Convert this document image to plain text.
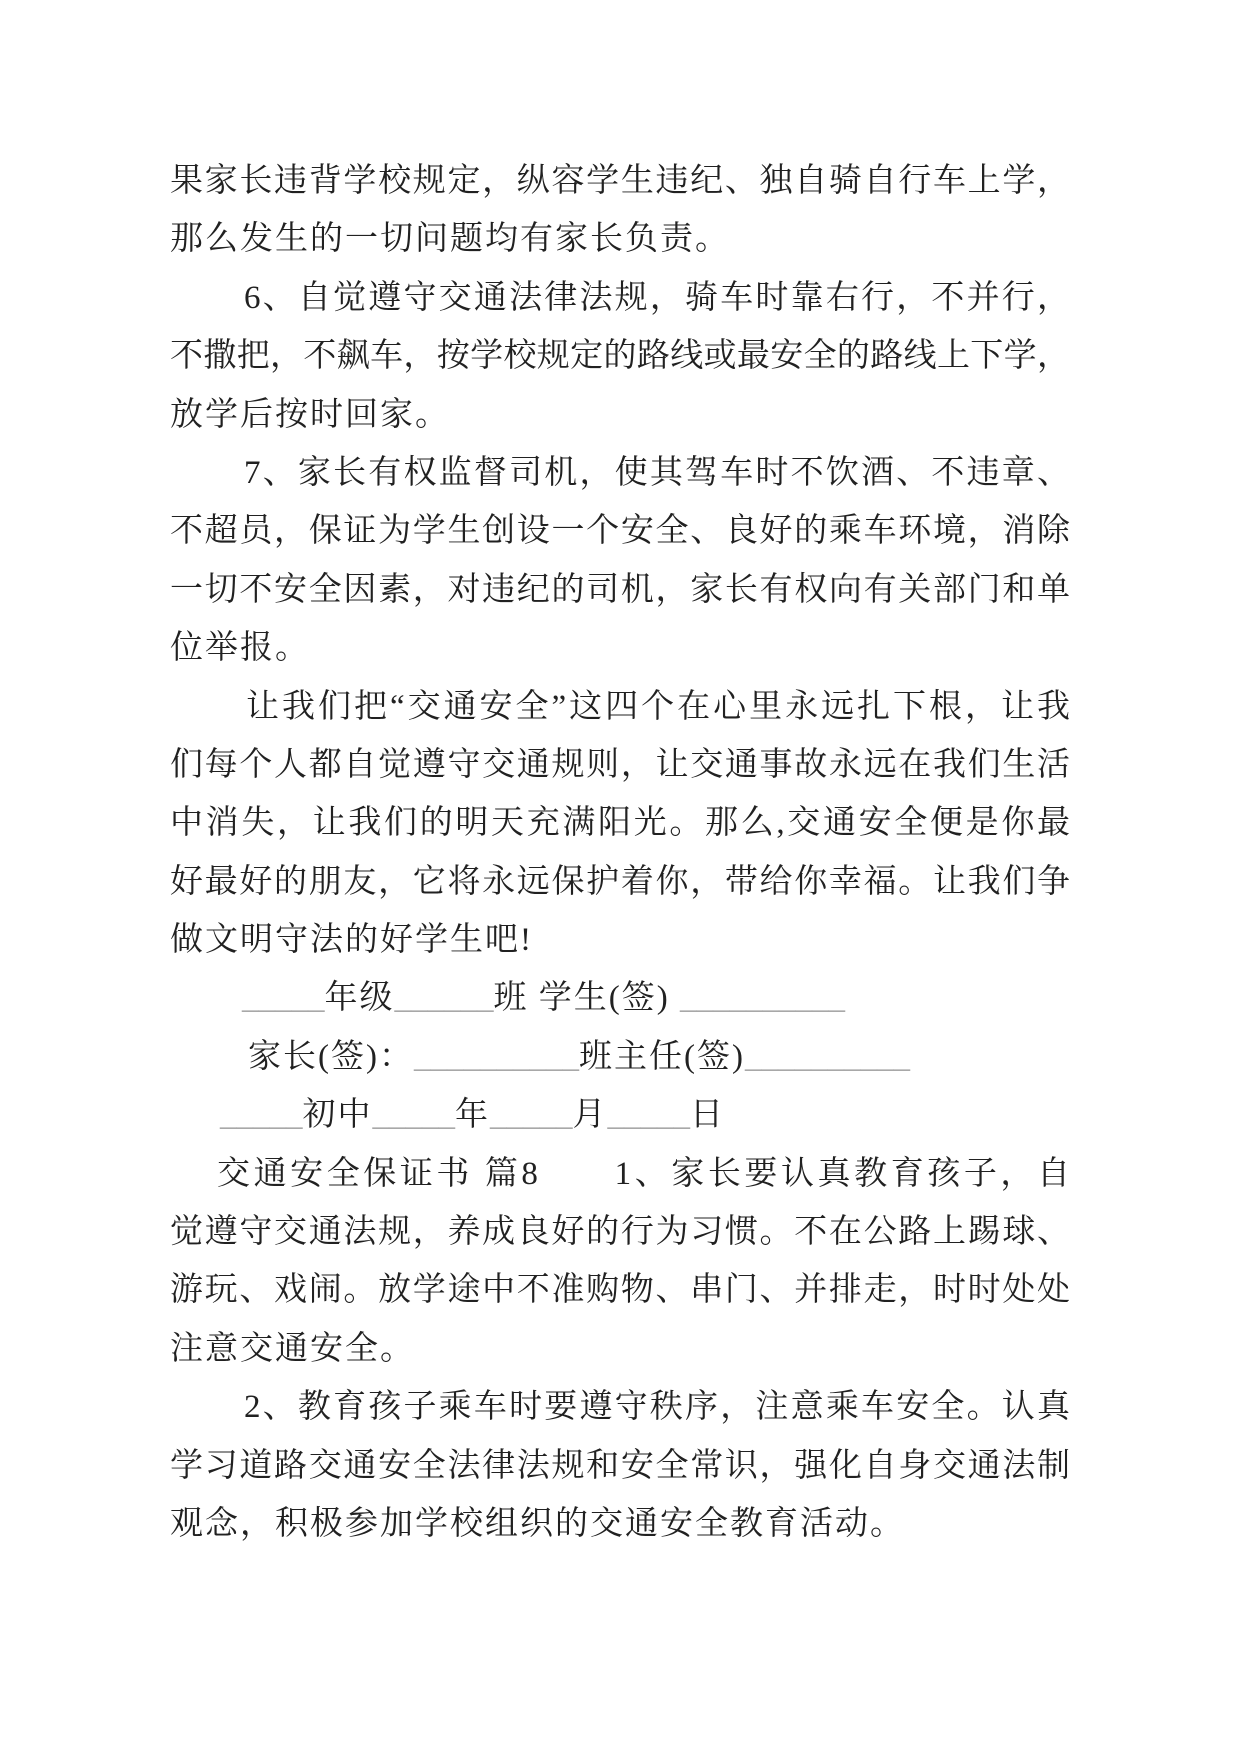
果家长违背学校规定，纵容学生违纪、独自骑自行车上学，
那么发生的一切问题均有家长负责。
6、自觉遵守交通法律法规，骑车时靠右行，不并行，
不撒把，不飙车，按学校规定的路线或最安全的路线上下学，
放学后按时回家。
7、家长有权监督司机，使其驾车时不饮酒、不违章、
不超员，保证为学生创设一个安全、良好的乘车环境，消除
一切不安全因素，对违纪的司机，家长有权向有关部门和单
位举报。
让我们把“交通安全”这四个在心里永远扎下根，让我
们每个人都自觉遵守交通规则，让交通事故永远在我们生活
中消失，让我们的明天充满阳光。那么,交通安全便是你最
好最好的朋友，它将永远保护着你，带给你幸福。让我们争
做文明守法的好学生吧!
_____年级______班 学生(签) __________
家长(签)：__________班主任(签)__________
_____初中_____年_____月_____日
交通安全保证书 篇8　　1、家长要认真教育孩子，自
觉遵守交通法规，养成良好的行为习惯。不在公路上踢球、
游玩、戏闹。放学途中不准购物、串门、并排走，时时处处
注意交通安全。
2、教育孩子乘车时要遵守秩序，注意乘车安全。认真
学习道路交通安全法律法规和安全常识，强化自身交通法制
观念，积极参加学校组织的交通安全教育活动。
